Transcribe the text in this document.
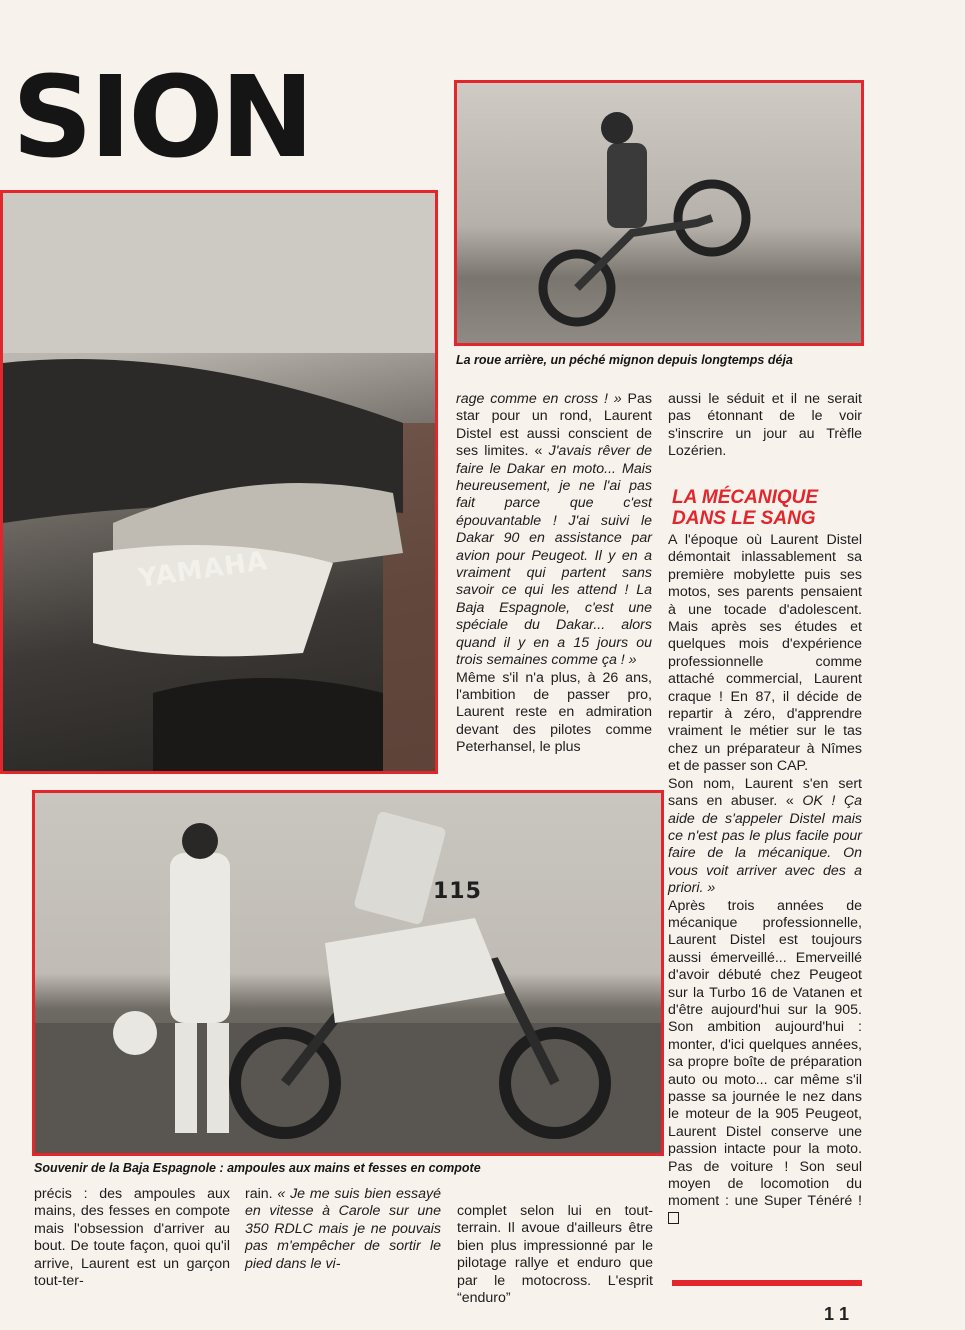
SION
La roue arrière, un péché mignon depuis longtemps déja
YAMAHA

rage comme en cross ! » Pas star pour un rond, Laurent Distel est aussi conscient de ses limites. « J'avais rêver de faire le Dakar en moto... Mais heureusement, je ne l'ai pas fait parce que c'est épouvantable ! J'ai suivi le Dakar 90 en assistance par avion pour Peugeot. Il y en a vraiment qui partent sans savoir ce qui les attend ! La Baja Espagnole, c'est une spéciale du Dakar... alors quand il y en a 15 jours ou trois semaines comme ça ! »

Même s'il n'a plus, à 26 ans, l'ambition de passer pro, Laurent reste en admiration devant des pilotes comme Peterhansel, le plus

aussi le séduit et il ne serait pas étonnant de le voir s'inscrire un jour au Trèfle Lozérien.

LA MÉCANIQUE DANS LE SANG

A l'époque où Laurent Distel démontait inlassablement sa première mobylette puis ses motos, ses parents pensaient à une tocade d'adolescent. Mais après ses études et quelques mois d'expérience professionnelle comme attaché commercial, Laurent craque ! En 87, il décide de repartir à zéro, d'apprendre vraiment le métier sur le tas chez un préparateur à Nîmes et de passer son CAP.

Son nom, Laurent s'en sert sans en abuser. « OK ! Ça aide de s'appeler Distel mais ce n'est pas le plus facile pour faire de la mécanique. On vous voit arriver avec des a priori. »

Après trois années de mécanique professionnelle, Laurent Distel est toujours aussi émerveillé... Emerveillé d'avoir débuté chez Peugeot sur la Turbo 16 de Vatanen et d'être aujourd'hui sur la 905. Son ambition aujourd'hui : monter, d'ici quelques années, sa propre boîte de préparation auto ou moto... car même s'il passe sa journée le nez dans le moteur de la 905 Peugeot, Laurent Distel conserve une passion intacte pour la moto. Pas de voiture ! Son seul moyen de locomotion du moment : une Super Ténéré !

115
Souvenir de la Baja Espagnole : ampoules aux mains et fesses en compote

précis : des ampoules aux mains, des fesses en compote mais l'obsession d'arriver au bout. De toute façon, quoi qu'il arrive, Laurent est un garçon tout-ter-

rain. « Je me suis bien essayé en vitesse à Carole sur une 350 RDLC mais je ne pouvais pas m'empêcher de sortir le pied dans le vi-

complet selon lui en tout-terrain. Il avoue d'ailleurs être bien plus impressionné par le pilotage rallye et enduro que par le motocross. L'esprit “enduro”

11
